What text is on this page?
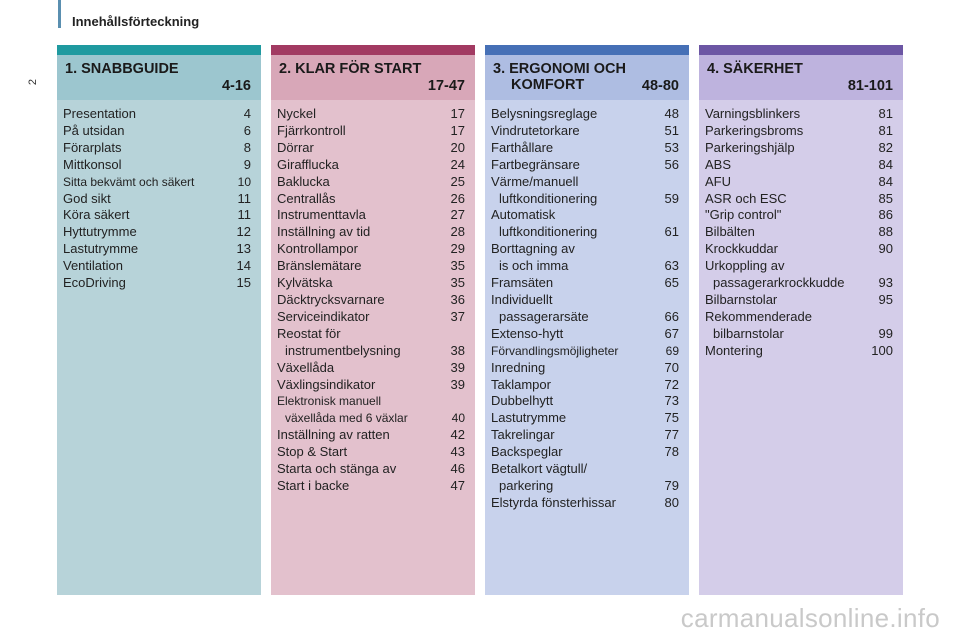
Innehållsförteckning
2
1. SNABBGUIDE
4-16
Presentation	4
På utsidan	6
Förarplats	8
Mittkonsol	9
Sitta bekvämt och säkert	10
God sikt	11
Köra säkert	11
Hyttutrymme	12
Lastutrymme	13
Ventilation	14
EcoDriving	15
2. KLAR FÖR START
17-47
Nyckel	17
Fjärrkontroll	17
Dörrar	20
Girafflucka	24
Baklucka	25
Centrallås	26
Instrumenttavla	27
Inställning av tid	28
Kontrollampor	29
Bränslemätare	35
Kylvätska	35
Däcktrycksvarnare	36
Serviceindikator	37
Reostat för
instrumentbelysning	38
Växellåda	39
Växlingsindikator	39
Elektronisk manuell
växellåda med 6 växlar	40
Inställning av ratten	42
Stop & Start	43
Starta och stänga av	46
Start i backe	47
3. ERGONOMI OCH
KOMFORT	48-80
Belysningsreglage	48
Vindrutetorkare	51
Farthållare	53
Fartbegränsare	56
Värme/manuell
luftkonditionering	59
Automatisk
luftkonditionering	61
Borttagning av
is och imma	63
Framsäten	65
Individuellt
passagerarsäte	66
Extenso-hytt	67
Förvandlingsmöjligheter	69
Inredning	70
Taklampor	72
Dubbelhytt	73
Lastutrymme	75
Takrelingar	77
Backspeglar	78
Betalkort vägtull/
parkering	79
Elstyrda fönsterhissar	80
4. SÄKERHET
81-101
Varningsblinkers	81
Parkeringsbroms	81
Parkeringshjälp	82
ABS	84
AFU	84
ASR och ESC	85
"Grip control"	86
Bilbälten	88
Krockkuddar	90
Urkoppling av
passagerarkrockkudde	93
Bilbarnstolar	95
Rekommenderade
bilbarnstolar	99
Montering	100
carmanualsonline.info
